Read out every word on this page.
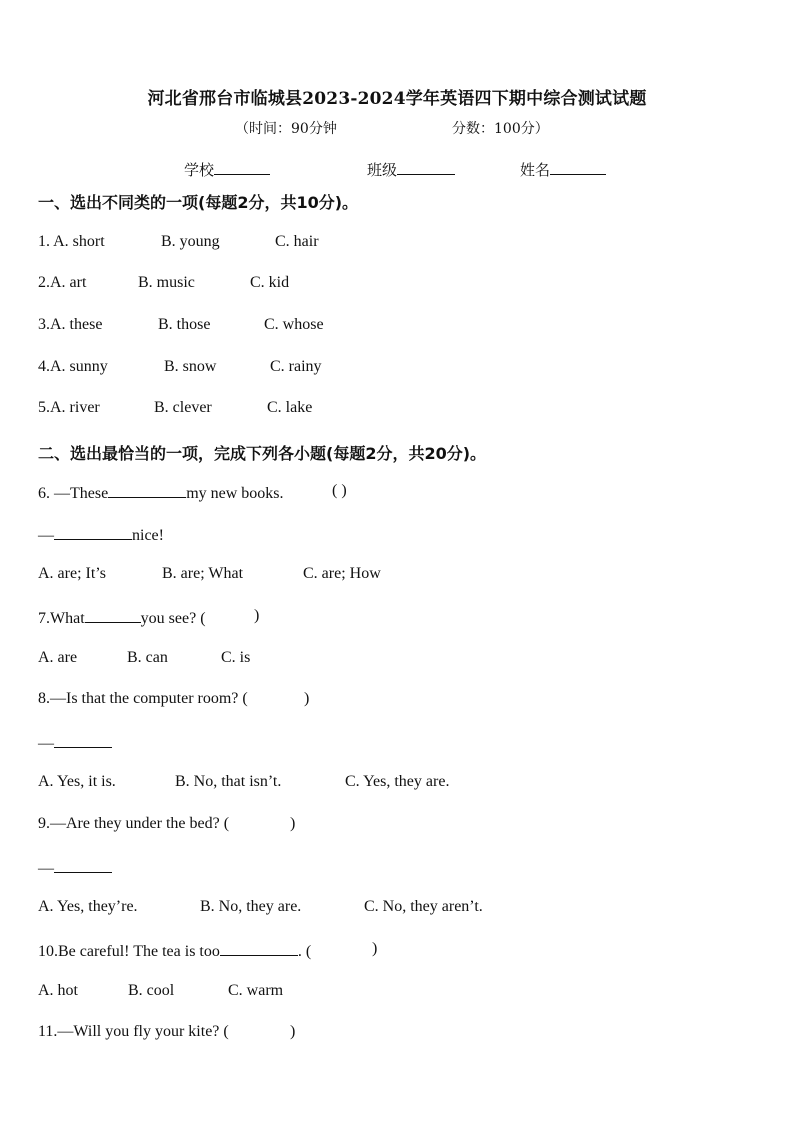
河北省邢台市临城县2023-2024学年英语四下期中综合测试试题
（时间：90分钟	分数：100分）
学校	班级	姓名
一、选出不同类的一项(每题2分，共10分)。
1. A. short	B. young	C. hair
2.A. art	B. music	C. kid
3.A. these	B. those	C. whose
4.A. sunny	B. snow	C. rainy
5.A. river	B. clever	C. lake
二、选出最恰当的一项，完成下列各小题(每题2分，共20分)。
6. —These	my new books.	( )
—	nice!
A. are; It’s	B. are; What	C. are; How
7.What	you see? (	)
A. are	B. can	C. is
8.—Is that the computer room? (	)
—
A. Yes, it is.	B. No, that isn’t.	C. Yes, they are.
9.—Are they under the bed? (	)
—
A. Yes, they’re.	B. No, they are.	C. No, they aren’t.
10.Be careful! The tea is too	. (	)
A. hot	B. cool	C. warm
11.—Will you fly your kite? (	)
